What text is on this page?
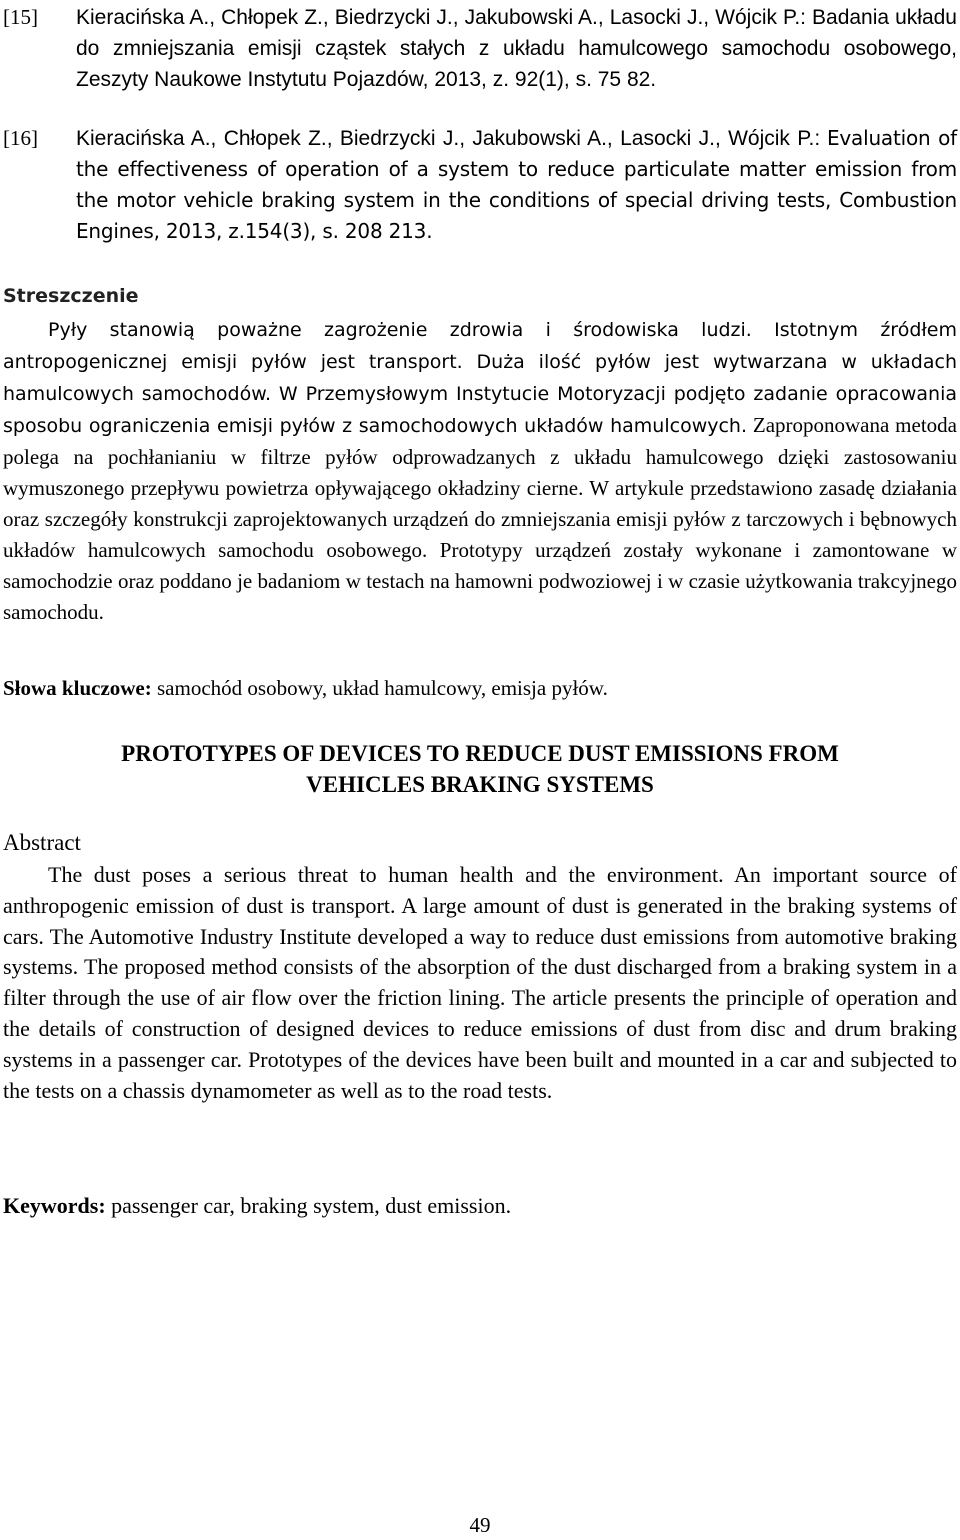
[15] Kieracińska A., Chłopek Z., Biedrzycki J., Jakubowski A., Lasocki J., Wójcik P.: Badania układu do zmniejszania emisji cząstek stałych z układu hamulcowego samochodu osobowego, Zeszyty Naukowe Instytutu Pojazdów, 2013, z. 92(1), s. 75 82.
[16] Kieracińska A., Chłopek Z., Biedrzycki J., Jakubowski A., Lasocki J., Wójcik P.: Evaluation of the effectiveness of operation of a system to reduce particulate matter emission from the motor vehicle braking system in the conditions of special driving tests, Combustion Engines, 2013, z.154(3), s. 208 213.
Streszczenie
Pyły stanowią poważne zagrożenie zdrowia i środowiska ludzi. Istotnym źródłem antropogenicznej emisji pyłów jest transport. Duża ilość pyłów jest wytwarzana w układach hamulcowych samochodów. W Przemysłowym Instytucie Motoryzacji podjęto zadanie opracowania sposobu ograniczenia emisji pyłów z samochodowych układów hamulcowych. Zaproponowana metoda polega na pochłanianiu w filtrze pyłów odprowadzanych z układu hamulcowego dzięki zastosowaniu wymuszonego przepływu powietrza opływającego okładziny cierne. W artykule przedstawiono zasadę działania oraz szczegóły konstrukcji zaprojektowanych urządzeń do zmniejszania emisji pyłów z tarczowych i bębnowych układów hamulcowych samochodu osobowego. Prototypy urządzeń zostały wykonane i zamontowane w samochodzie oraz poddano je badaniom w testach na hamowni podwoziowej i w czasie użytkowania trakcyjnego samochodu.
Słowa kluczowe: samochód osobowy, układ hamulcowy, emisja pyłów.
PROTOTYPES OF DEVICES TO REDUCE DUST EMISSIONS FROM
VEHICLES BRAKING SYSTEMS
Abstract
The dust poses a serious threat to human health and the environment. An important source of anthropogenic emission of dust is transport. A large amount of dust is generated in the braking systems of cars. The Automotive Industry Institute developed a way to reduce dust emissions from automotive braking systems. The proposed method consists of the absorption of the dust discharged from a braking system in a filter through the use of air flow over the friction lining. The article presents the principle of operation and the details of construction of designed devices to reduce emissions of dust from disc and drum braking systems in a passenger car. Prototypes of the devices have been built and mounted in a car and subjected to the tests on a chassis dynamometer as well as to the road tests.
Keywords: passenger car, braking system, dust emission.
49
